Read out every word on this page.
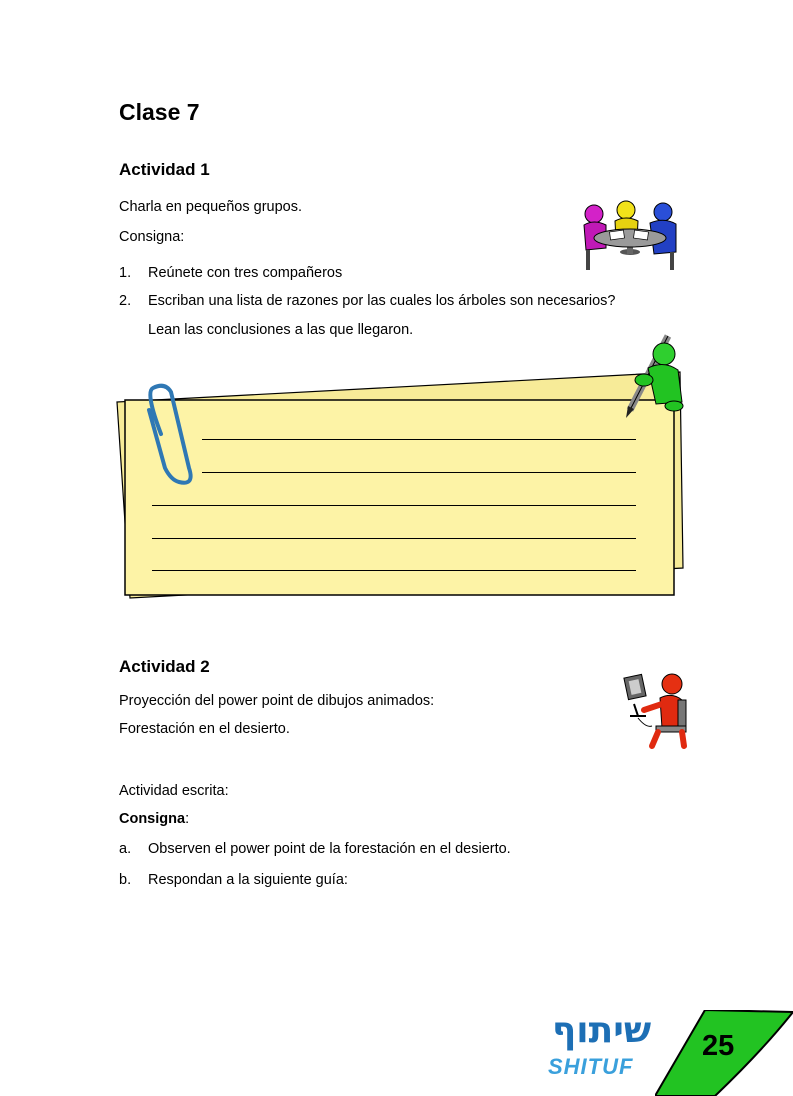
Clase 7
Actividad 1
Charla en pequeños grupos.
Consigna:
1. Reúnete con tres compañeros
2. Escriban una lista de razones por las cuales los árboles son necesarios?
Lean las conclusiones a las que llegaron.
Actividad 2
Proyección del power point de dibujos animados:
Forestación en el desierto.
Actividad escrita:
Consigna:
a. Observen el power point de la forestación en el desierto.
b. Respondan a la siguiente guía:
שיתוף
SHITUF
25
